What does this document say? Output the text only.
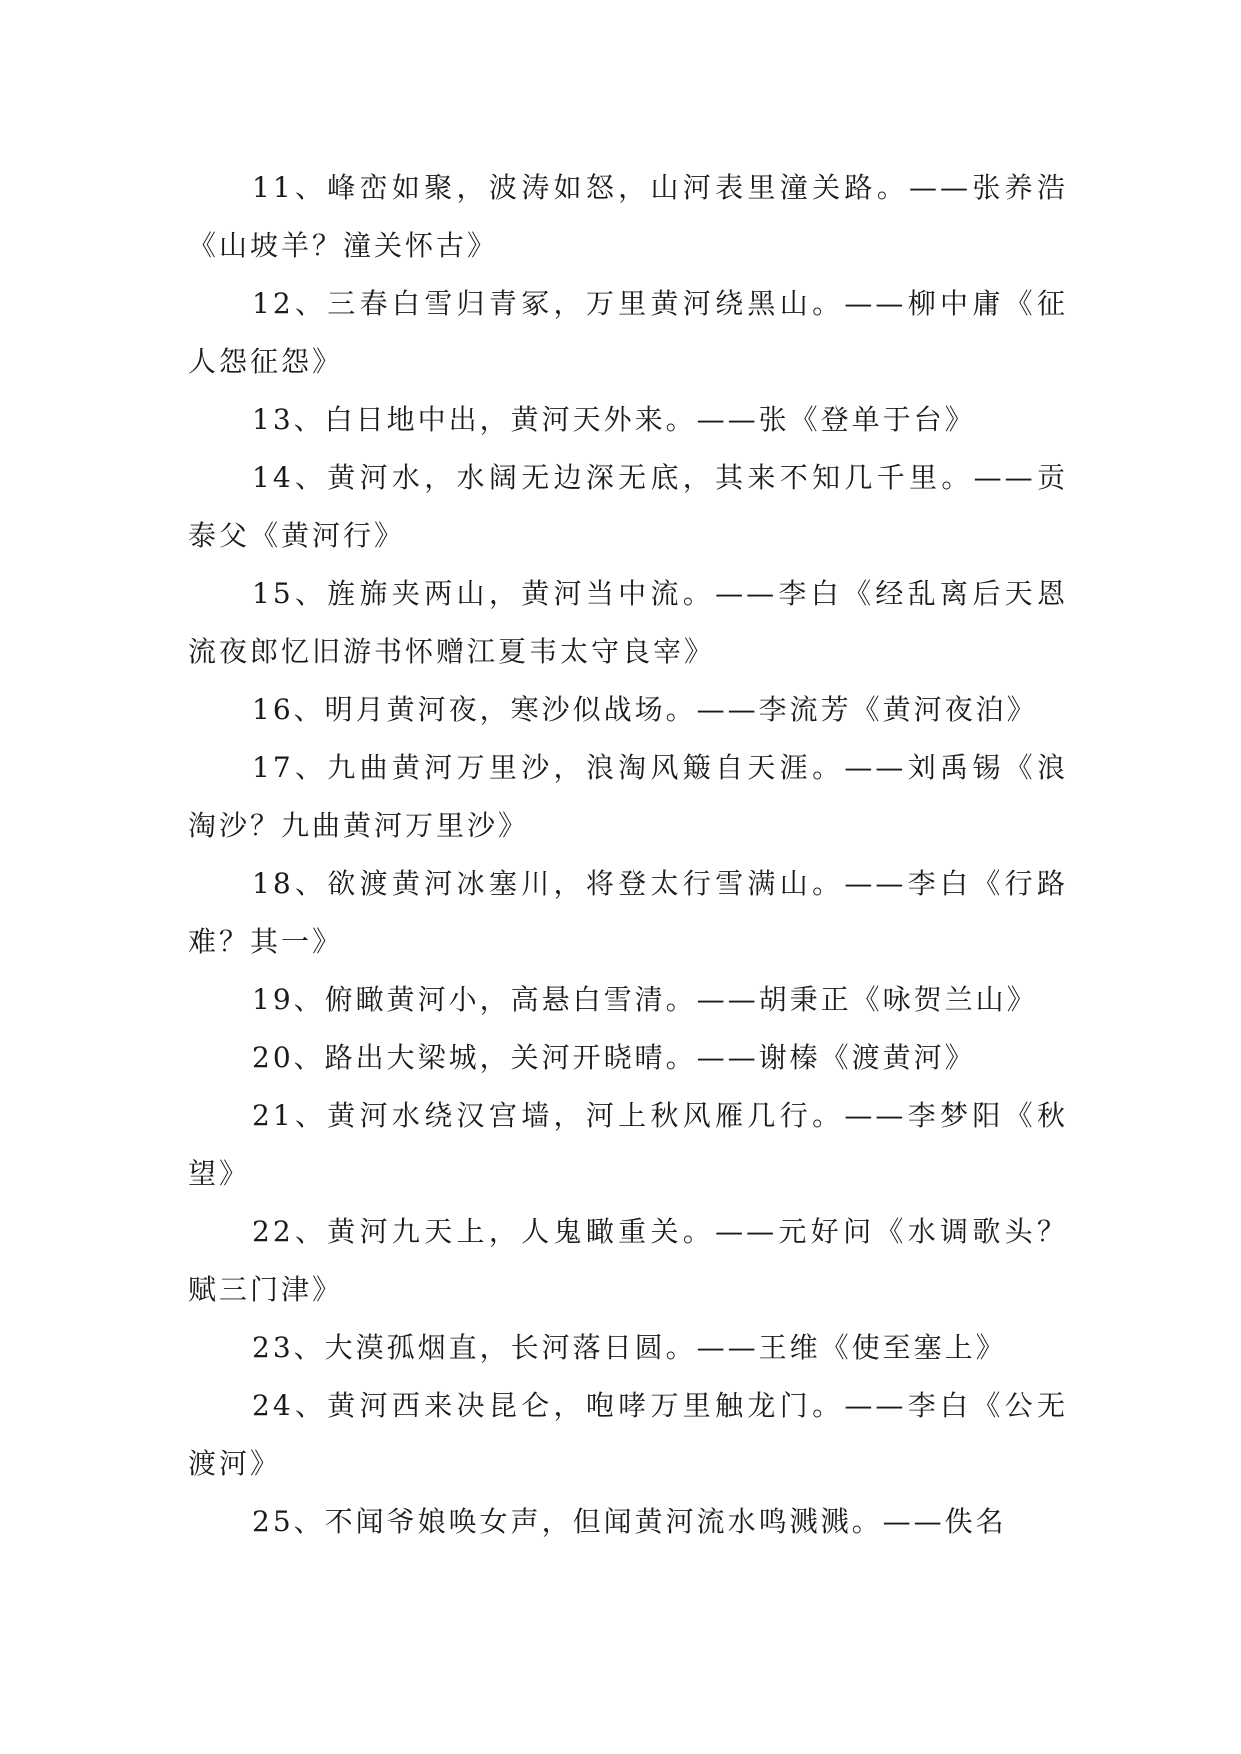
11、峰峦如聚，波涛如怒，山河表里潼关路。——张养浩《山坡羊？潼关怀古》

12、三春白雪归青冢，万里黄河绕黑山。——柳中庸《征人怨征怨》

13、白日地中出，黄河天外来。——张《登单于台》

14、黄河水，水阔无边深无底，其来不知几千里。——贡泰父《黄河行》

15、旌旆夹两山，黄河当中流。——李白《经乱离后天恩流夜郎忆旧游书怀赠江夏韦太守良宰》

16、明月黄河夜，寒沙似战场。——李流芳《黄河夜泊》

17、九曲黄河万里沙，浪淘风簸自天涯。——刘禹锡《浪淘沙？九曲黄河万里沙》

18、欲渡黄河冰塞川，将登太行雪满山。——李白《行路难？其一》

19、俯瞰黄河小，高悬白雪清。——胡秉正《咏贺兰山》

20、路出大梁城，关河开晓晴。——谢榛《渡黄河》

21、黄河水绕汉宫墙，河上秋风雁几行。——李梦阳《秋望》

22、黄河九天上，人鬼瞰重关。——元好问《水调歌头？赋三门津》

23、大漠孤烟直，长河落日圆。——王维《使至塞上》

24、黄河西来决昆仑，咆哮万里触龙门。——李白《公无渡河》

25、不闻爷娘唤女声，但闻黄河流水鸣溅溅。——佚名
